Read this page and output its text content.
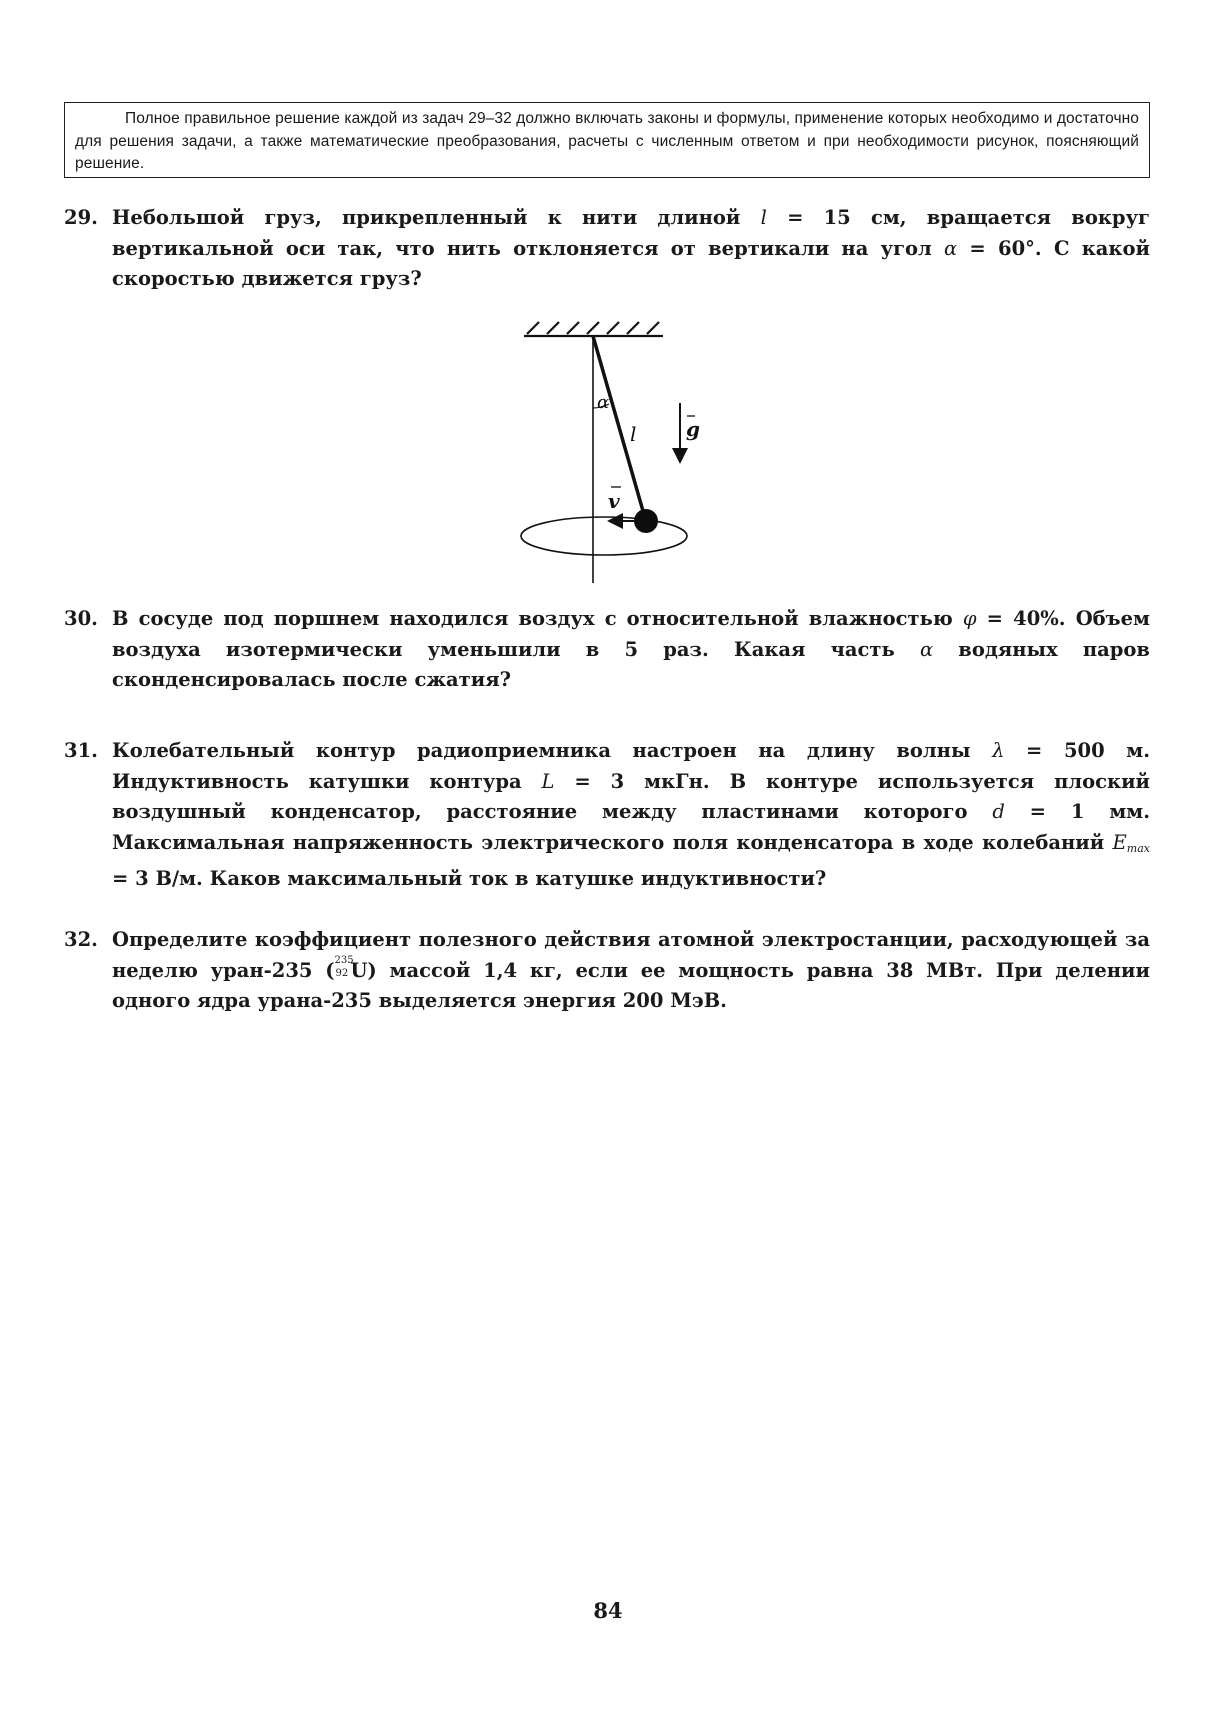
Полное правильное решение каждой из задач 29–32 должно включать законы и формулы, применение которых необходимо и достаточно для решения задачи, а также математические преобразования, расчеты с численным ответом и при необходимости рисунок, поясняющий решение.
29. Небольшой груз, прикрепленный к нити длиной l = 15 см, вращается вокруг вертикальной оси так, что нить отклоняется от вертикали на угол α = 60°. С какой скоростью движется груз?
α
l
v
g
30. В сосуде под поршнем находился воздух с относительной влажностью φ = 40%. Объем воздуха изотермически уменьшили в 5 раз. Какая часть α водяных паров сконденсировалась после сжатия?
31. Колебательный контур радиоприемника настроен на длину волны λ = 500 м. Индуктивность катушки контура L = 3 мкГн. В контуре используется плоский воздушный конденсатор, расстояние между пластинами которого d = 1 мм. Максимальная напряженность электрического поля конденсатора в ходе колебаний $E_{max} = 3$ В/м. Каков максимальный ток в катушке индуктивности?
32. Определите коэффициент полезного действия атомной электростанции, расходующей за неделю уран-235 ( 235
92 U) массой 1,4 кг, если ее мощность равна 38 МВт. При делении одного ядра урана-235 выделяется энергия 200 МэВ.
84
